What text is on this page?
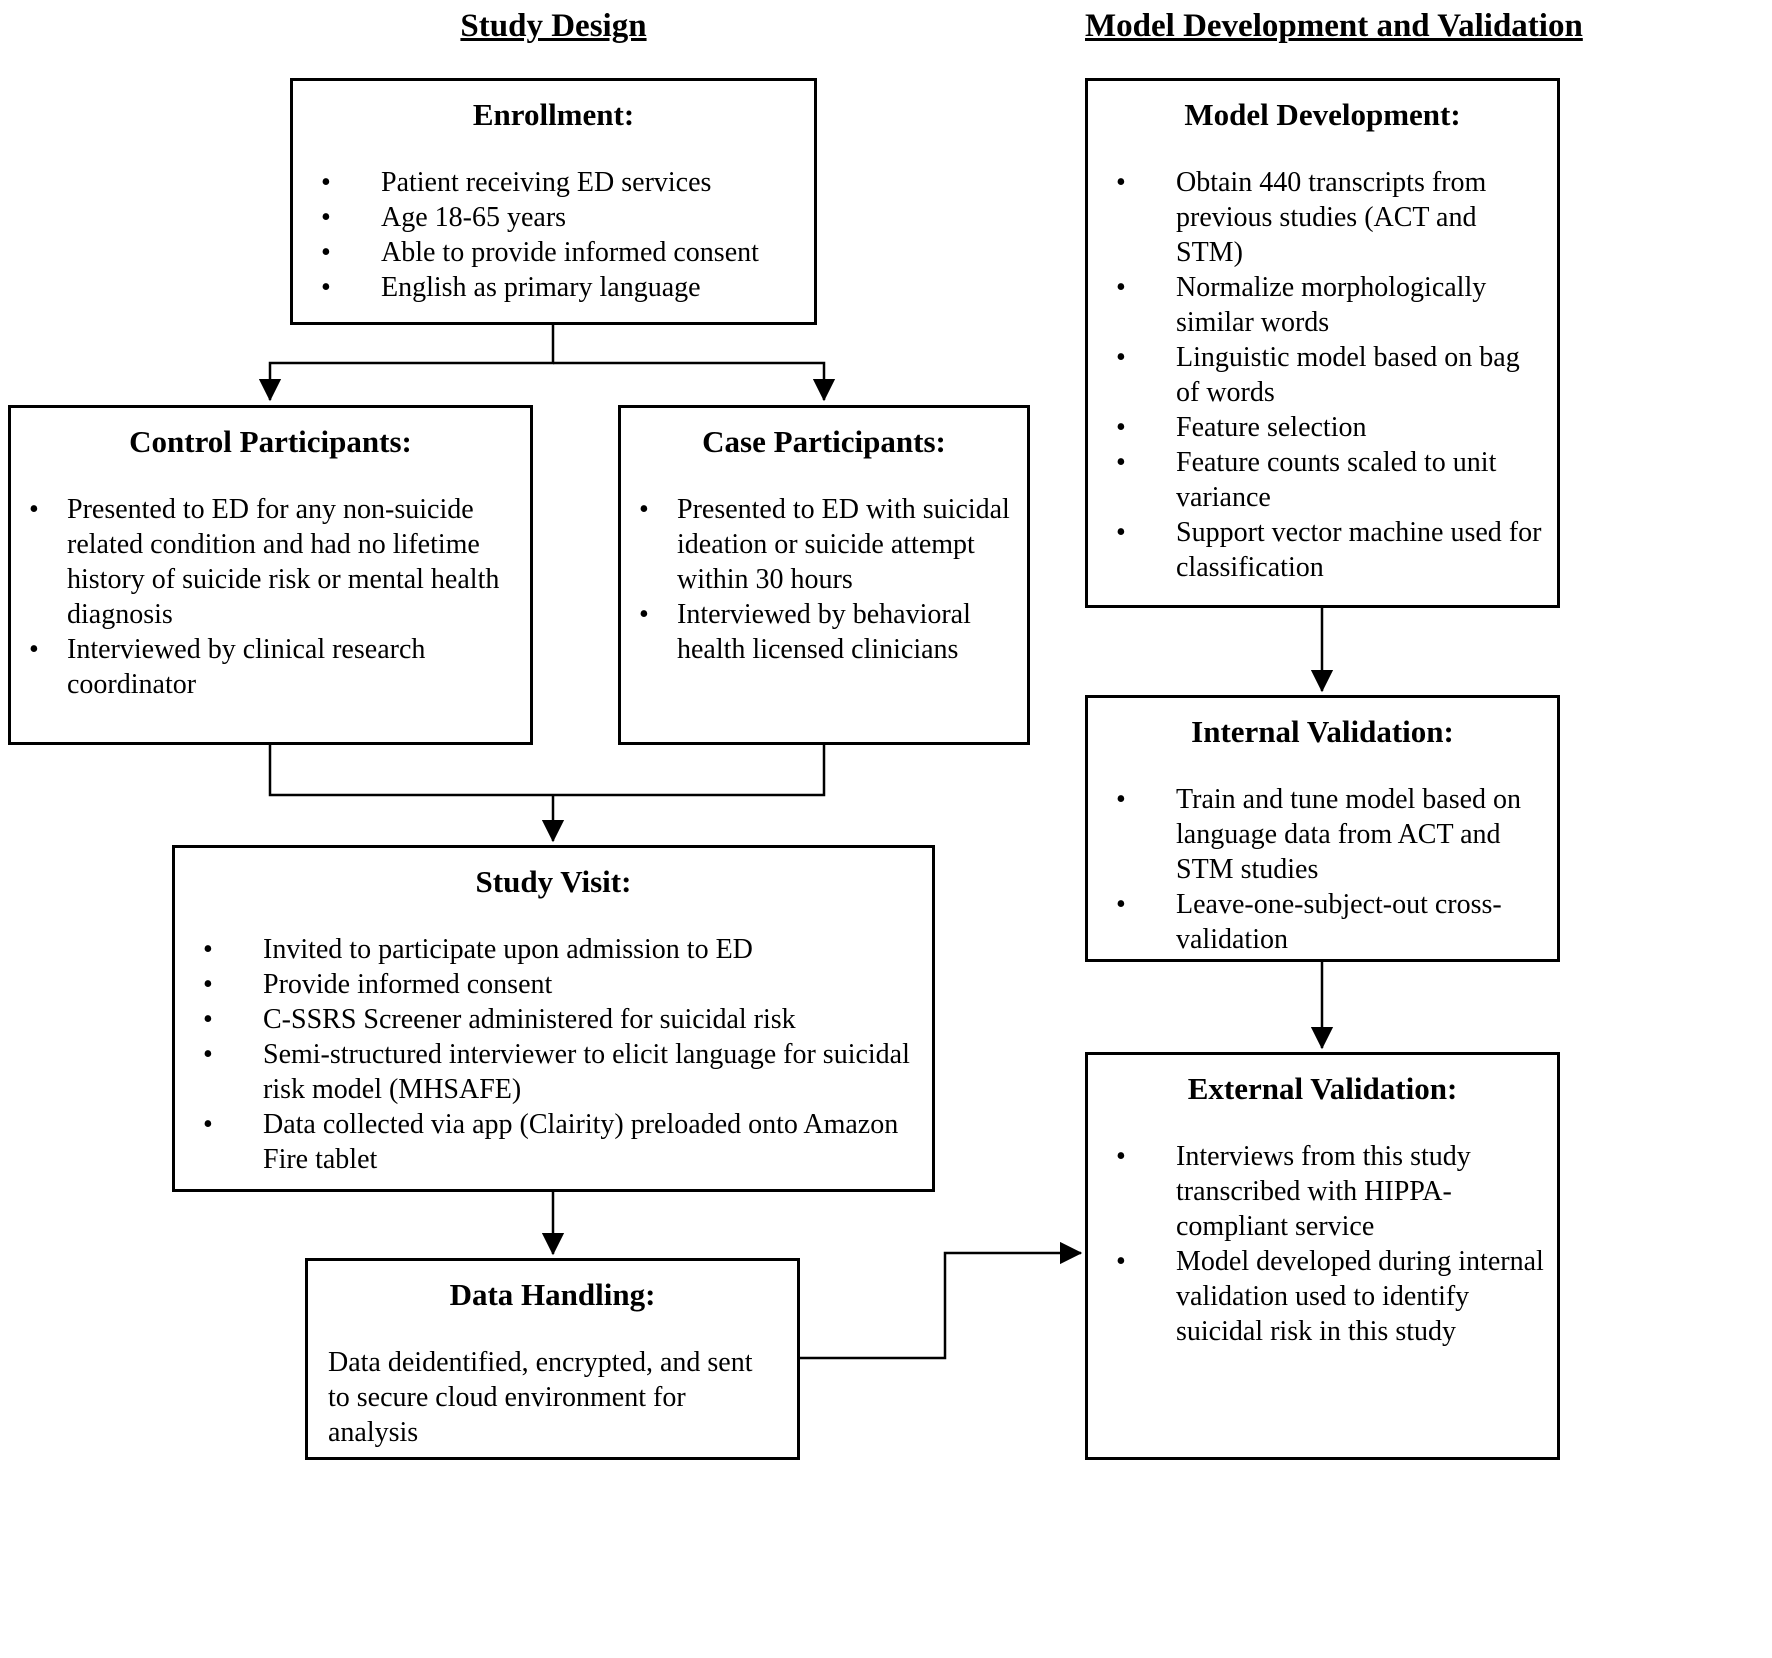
Study Design	Model Development and Validation
Enrollment:
• Patient receiving ED services
• Age 18-65 years
• Able to provide informed consent
• English as primary language
Control Participants:
• Presented to ED for any non-suicide related condition and had no lifetime history of suicide risk or mental health diagnosis
• Interviewed by clinical research coordinator
Case Participants:
• Presented to ED with suicidal ideation or suicide attempt within 30 hours
• Interviewed by behavioral health licensed clinicians
Study Visit:
• Invited to participate upon admission to ED
• Provide informed consent
• C-SSRS Screener administered for suicidal risk
• Semi-structured interviewer to elicit language for suicidal risk model (MHSAFE)
• Data collected via app (Clairity) preloaded onto Amazon Fire tablet
Data Handling:

Data deidentified, encrypted, and sent to secure cloud environment for analysis

Model Development:
• Obtain 440 transcripts from previous studies (ACT and STM)
• Normalize morphologically similar words
• Linguistic model based on bag of words
• Feature selection
• Feature counts scaled to unit variance
• Support vector machine used for classification
Internal Validation:
• Train and tune model based on language data from ACT and STM studies
• Leave-one-subject-out cross-validation
External Validation:
• Interviews from this study transcribed with HIPPA-compliant service
• Model developed during internal validation used to identify suicidal risk in this study
